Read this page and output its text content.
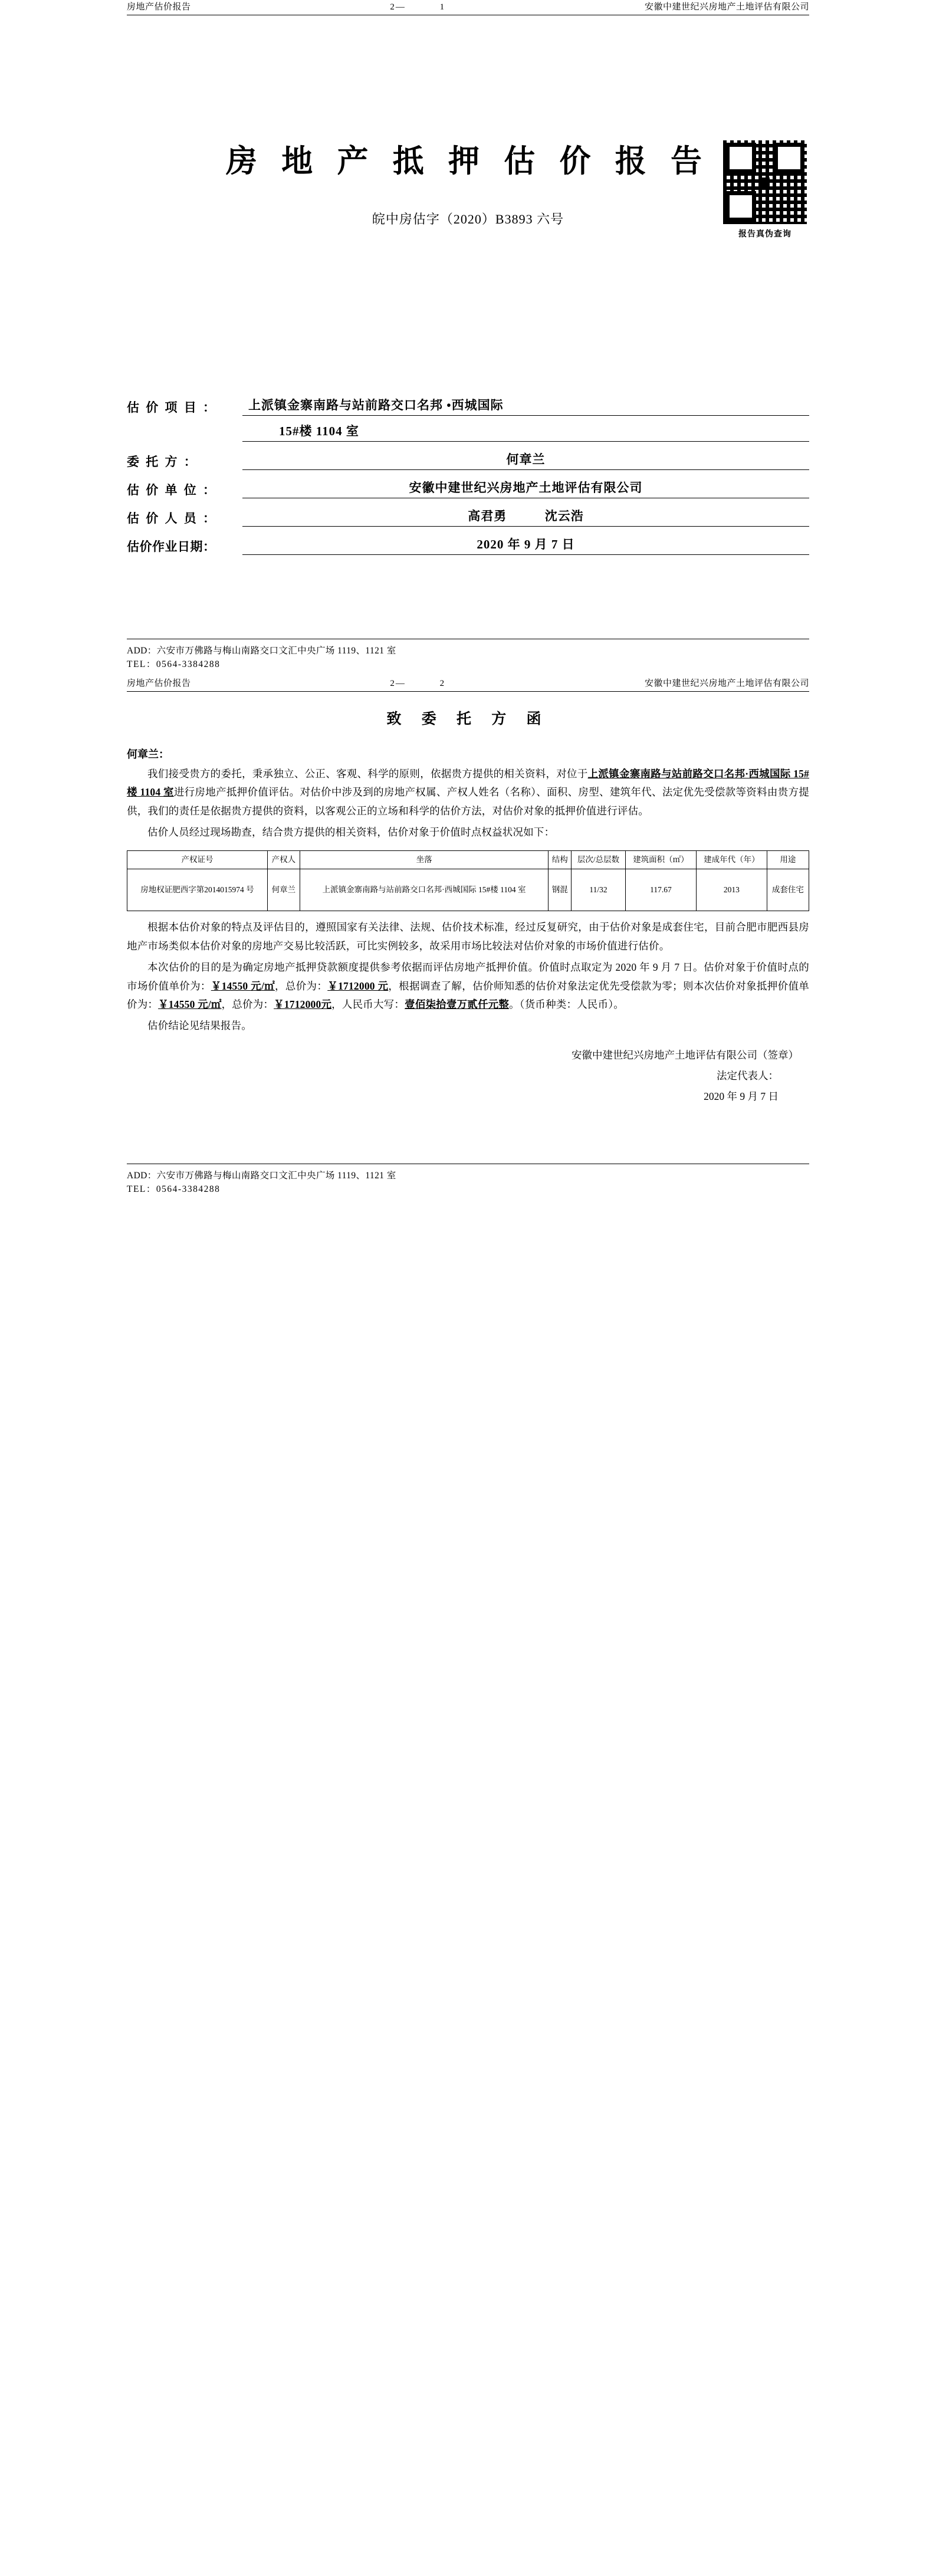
房地产估价报告	2—	1	安徽中建世纪兴房地产土地评估有限公司
报告真伪查询
房 地 产 抵 押 估 价 报 告
皖中房估字（2020）B3893 六号
估 价 项 目 ：	上派镇金寨南路与站前路交口名邦 •西城国际
15#楼 1104 室
委 托 方 ：	何章兰
估 价 单 位 ：	安徽中建世纪兴房地产土地评估有限公司
估 价 人 员 ：	高君勇	沈云浩
估价作业日期：	2020 年 9 月 7 日
ADD：六安市万佛路与梅山南路交口文汇中央广场 1119、1121 室
TEL：0564-3384288
房地产估价报告	2—	2	安徽中建世纪兴房地产土地评估有限公司
致 委 托 方 函
何章兰：

我们接受贵方的委托，秉承独立、公正、客观、科学的原则，依据贵方提供的相关资料，对位于上派镇金寨南路与站前路交口名邦·西城国际 15#楼 1104 室进行房地产抵押价值评估。对估价中涉及到的房地产权属、产权人姓名（名称）、面积、房型、建筑年代、法定优先受偿款等资料由贵方提供，我们的责任是依据贵方提供的资料，以客观公正的立场和科学的估价方法，对估价对象的抵押价值进行评估。

估价人员经过现场勘查，结合贵方提供的相关资料，估价对象于价值时点权益状况如下：

产权证号	产权人	坐落	结构	层次/总层数	建筑面积（㎡）	建成年代（年）	用途
房地权证肥西字第2014015974 号	何章兰	上派镇金寨南路与站前路交口名邦·西城国际 15#楼 1104 室	钢混	11/32	117.67	2013	成套住宅

根据本估价对象的特点及评估目的，遵照国家有关法律、法规、估价技术标准，经过反复研究，由于估价对象是成套住宅，目前合肥市肥西县房地产市场类似本估价对象的房地产交易比较活跃，可比实例较多，故采用市场比较法对估价对象的市场价值进行估价。

本次估价的目的是为确定房地产抵押贷款额度提供参考依据而评估房地产抵押价值。价值时点取定为 2020 年 9 月 7 日。估价对象于价值时点的市场价值单价为：￥14550 元/㎡，总价为：￥1712000 元，根据调查了解，估价师知悉的估价对象法定优先受偿款为零；则本次估价对象抵押价值单价为：￥14550 元/㎡，总价为：￥1712000元，人民币大写：壹佰柒拾壹万贰仟元整。（货币种类：人民币）。

估价结论见结果报告。

安徽中建世纪兴房地产土地评估有限公司（签章）
法定代表人：
2020 年 9 月 7 日
ADD：六安市万佛路与梅山南路交口文汇中央广场 1119、1121 室
TEL：0564-3384288
